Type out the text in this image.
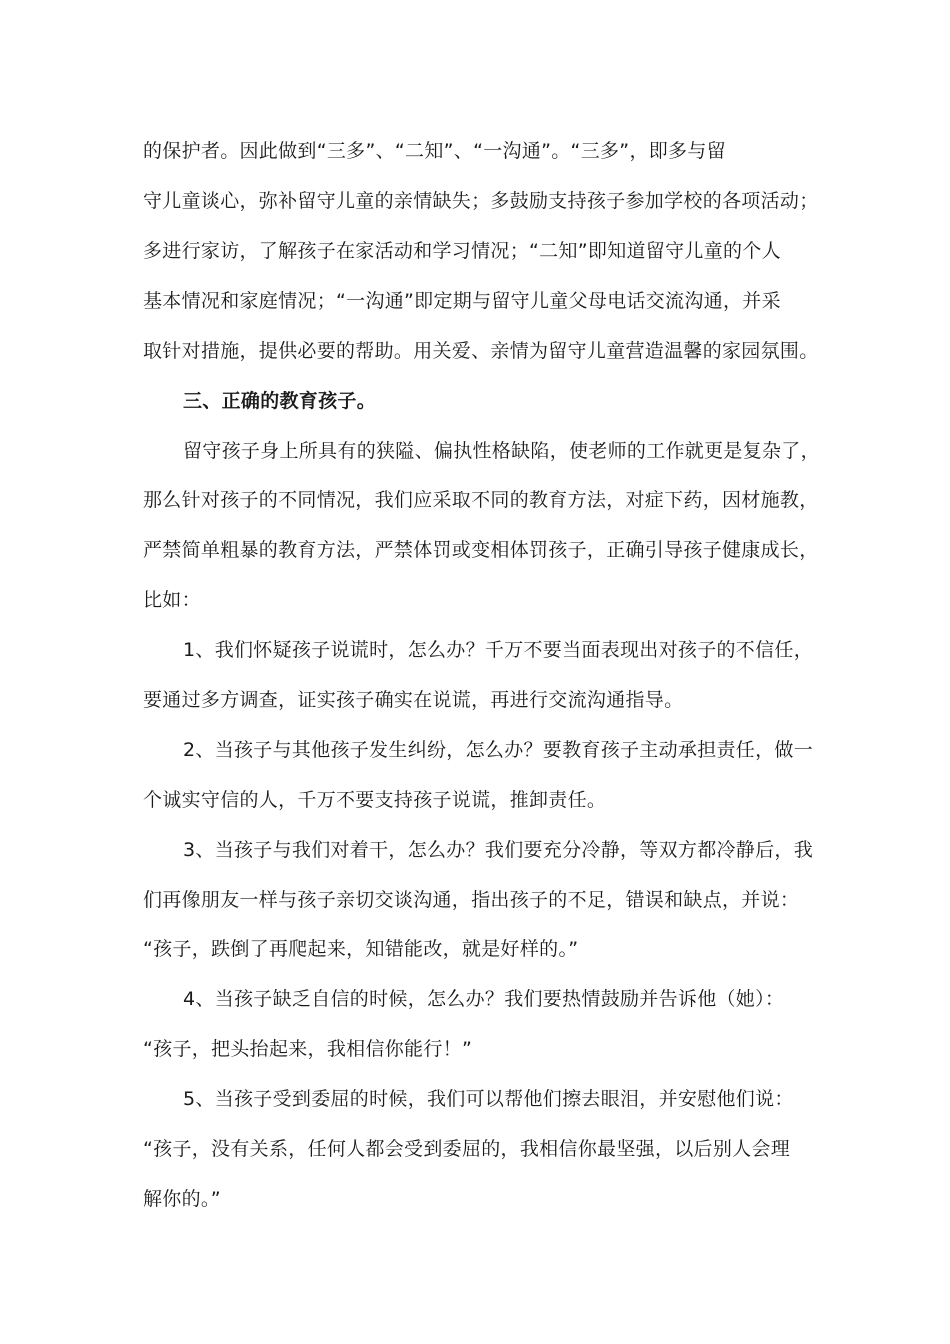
的保护者。因此做到“三多”、“二知”、“一沟通”。“三多”，即多与留
守儿童谈心，弥补留守儿童的亲情缺失；多鼓励支持孩子参加学校的各项活动；
多进行家访，了解孩子在家活动和学习情况；“二知”即知道留守儿童的个人
基本情况和家庭情况；“一沟通”即定期与留守儿童父母电话交流沟通，并采
取针对措施，提供必要的帮助。用关爱、亲情为留守儿童营造温馨的家园氛围。
三、正确的教育孩子。
留守孩子身上所具有的狭隘、偏执性格缺陷，使老师的工作就更是复杂了，
那么针对孩子的不同情况，我们应采取不同的教育方法，对症下药，因材施教，
严禁简单粗暴的教育方法，严禁体罚或变相体罚孩子，正确引导孩子健康成长，
比如：
1、我们怀疑孩子说谎时，怎么办？千万不要当面表现出对孩子的不信任，
要通过多方调查，证实孩子确实在说谎，再进行交流沟通指导。
2、当孩子与其他孩子发生纠纷，怎么办？要教育孩子主动承担责任，做一
个诚实守信的人，千万不要支持孩子说谎，推卸责任。
3、当孩子与我们对着干，怎么办？我们要充分冷静，等双方都冷静后，我
们再像朋友一样与孩子亲切交谈沟通，指出孩子的不足，错误和缺点，并说：
“孩子，跌倒了再爬起来，知错能改，就是好样的。”
4、当孩子缺乏自信的时候，怎么办？我们要热情鼓励并告诉他（她）：
“孩子，把头抬起来，我相信你能行！”
5、当孩子受到委屈的时候，我们可以帮他们擦去眼泪，并安慰他们说：
“孩子，没有关系，任何人都会受到委屈的，我相信你最坚强，以后别人会理
解你的。”
